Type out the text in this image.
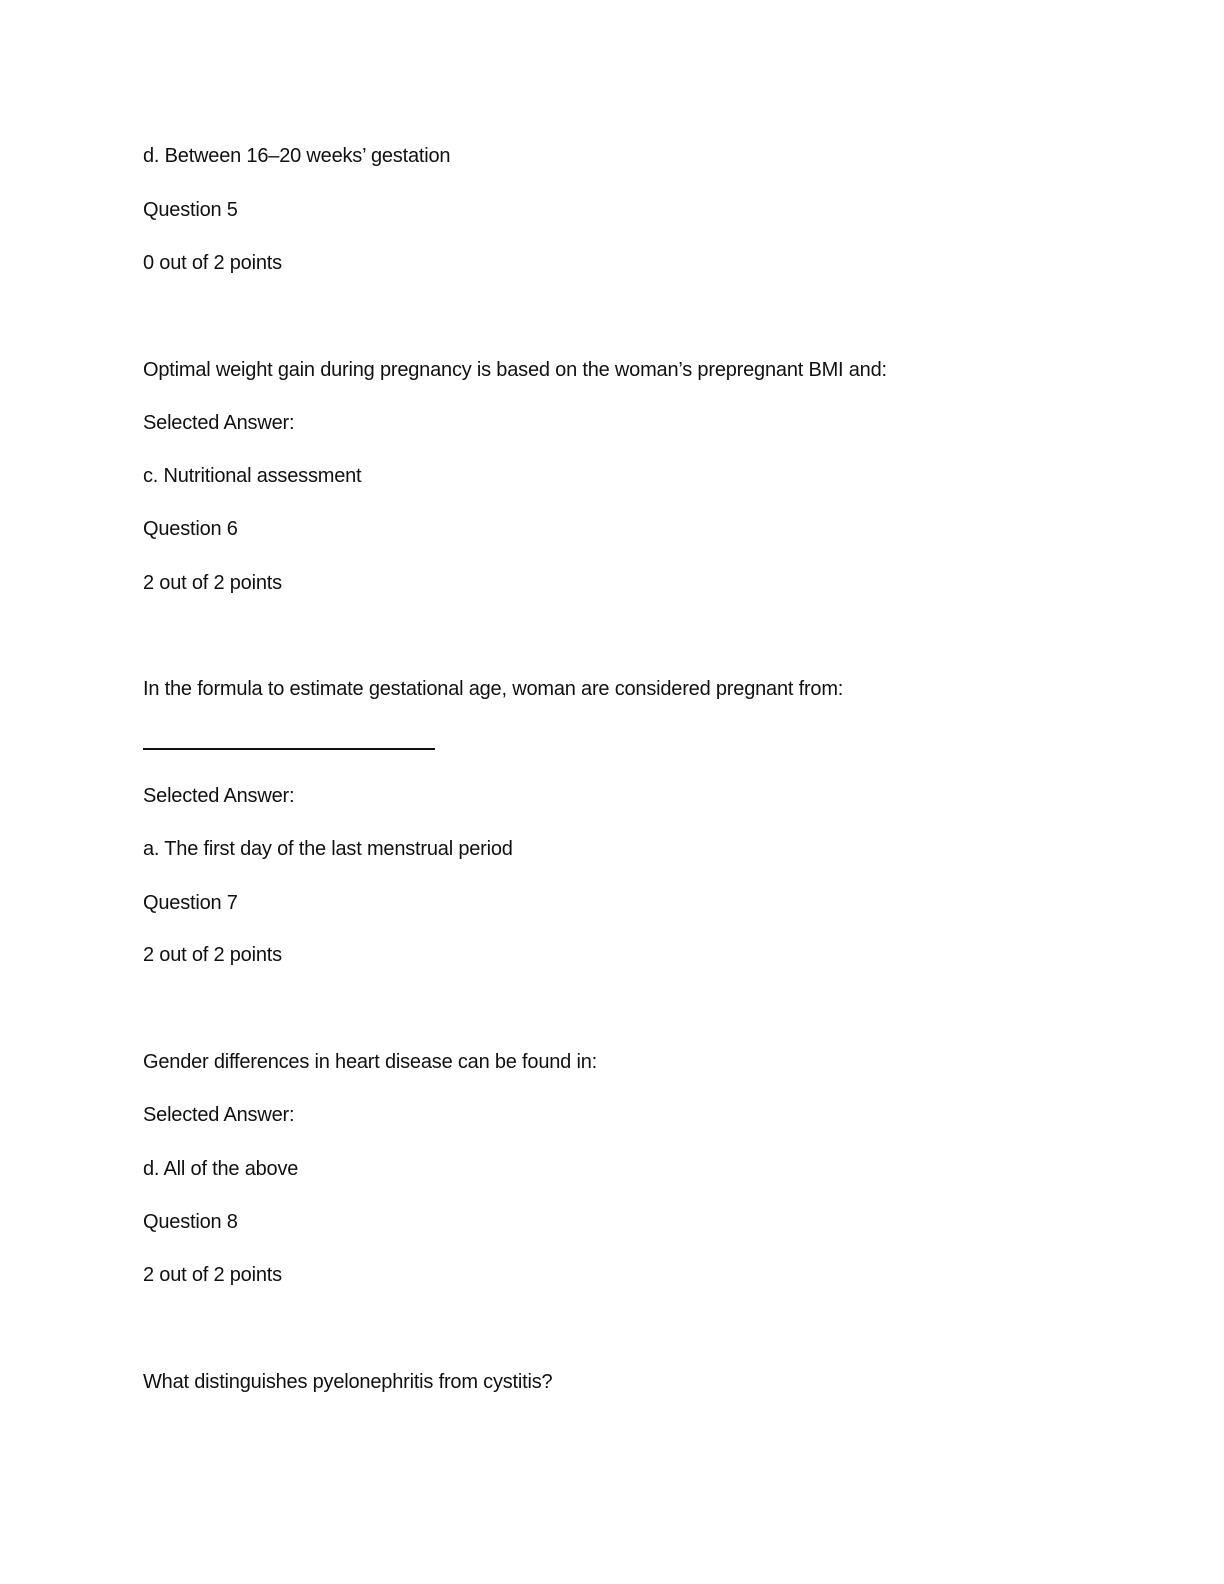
d. Between 16–20 weeks’ gestation
Question 5
0 out of 2 points
Optimal weight gain during pregnancy is based on the woman’s prepregnant BMI and:
Selected Answer:
c. Nutritional assessment
Question 6
2 out of 2 points
In the formula to estimate gestational age, woman are considered pregnant from:
Selected Answer:
a. The first day of the last menstrual period
Question 7
2 out of 2 points
Gender differences in heart disease can be found in:
Selected Answer:
d. All of the above
Question 8
2 out of 2 points
What distinguishes pyelonephritis from cystitis?
